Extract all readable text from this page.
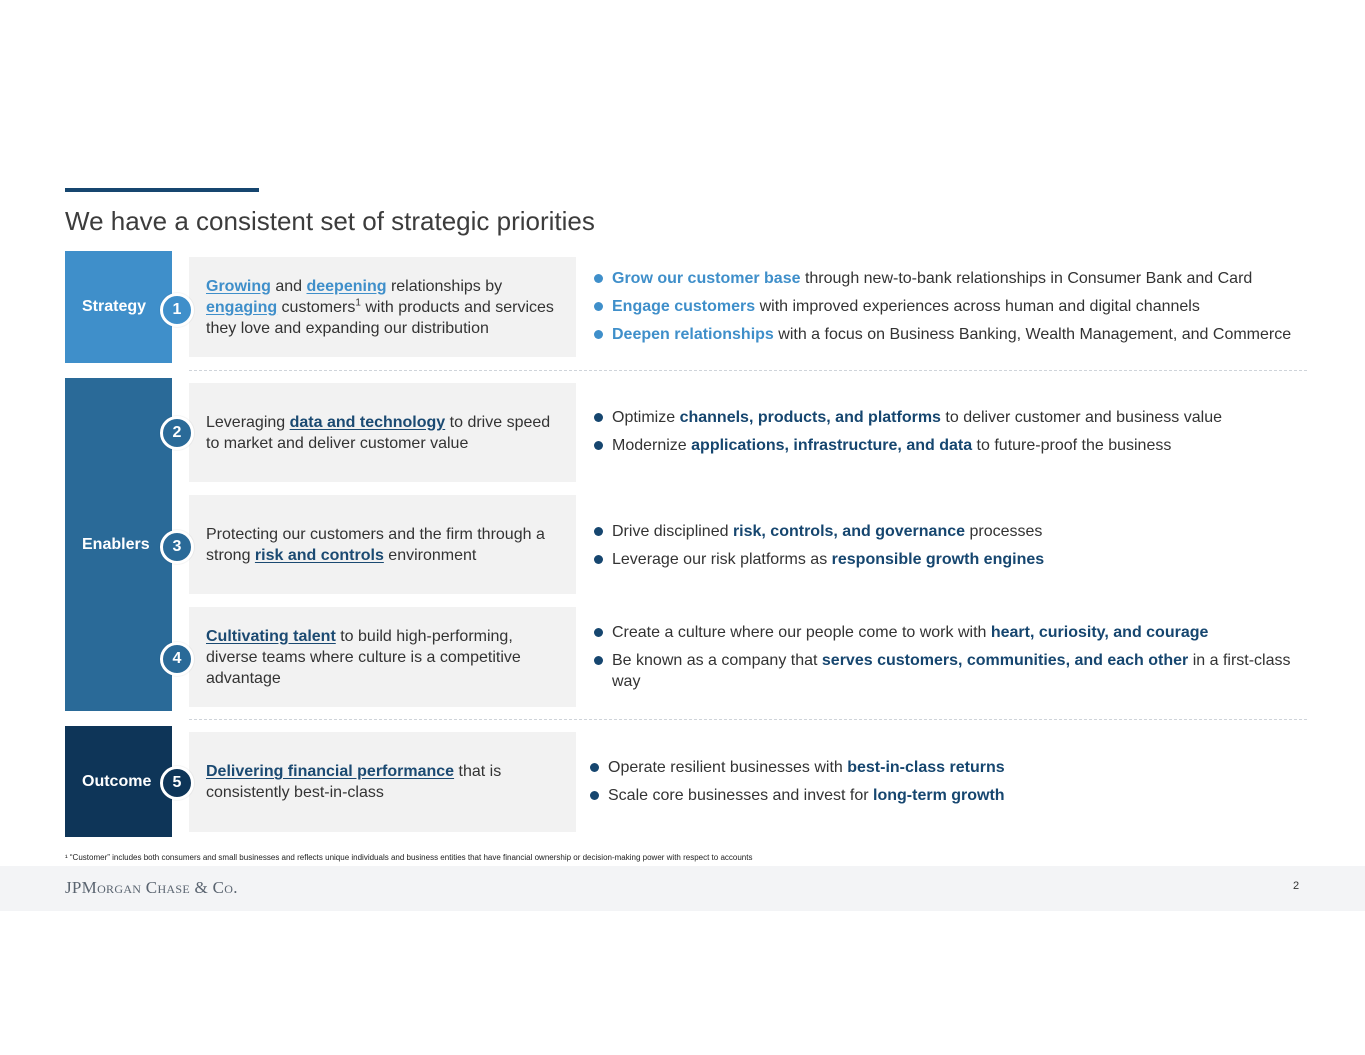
We have a consistent set of strategic priorities
Strategy
Enablers
Outcome

Growing and deepening relationships by engaging customers$^1$ with products and services they love and expanding our distribution

1
Grow our customer base through new-to-bank relationships in Consumer Bank and Card
Engage customers with improved experiences across human and digital channels
Deepen relationships with a focus on Business Banking, Wealth Management, and Commerce

Leveraging data and technology to drive speed to market and deliver customer value

2
Optimize channels, products, and platforms to deliver customer and business value
Modernize applications, infrastructure, and data to future-proof the business

Protecting our customers and the firm through a strong risk and controls environment

3
Drive disciplined risk, controls, and governance processes
Leverage our risk platforms as responsible growth engines

Cultivating talent to build high-performing, diverse teams where culture is a competitive advantage

4
Create a culture where our people come to work with heart, curiosity, and courage
Be known as a company that serves customers, communities, and each other in a first-class way

Delivering financial performance that is consistently best-in-class

5
Operate resilient businesses with best-in-class returns
Scale core businesses and invest for long-term growth
¹ “Customer” includes both consumers and small businesses and reflects unique individuals and business entities that have financial ownership or decision-making power with respect to accounts
JPMorgan Chase & Co.	2
